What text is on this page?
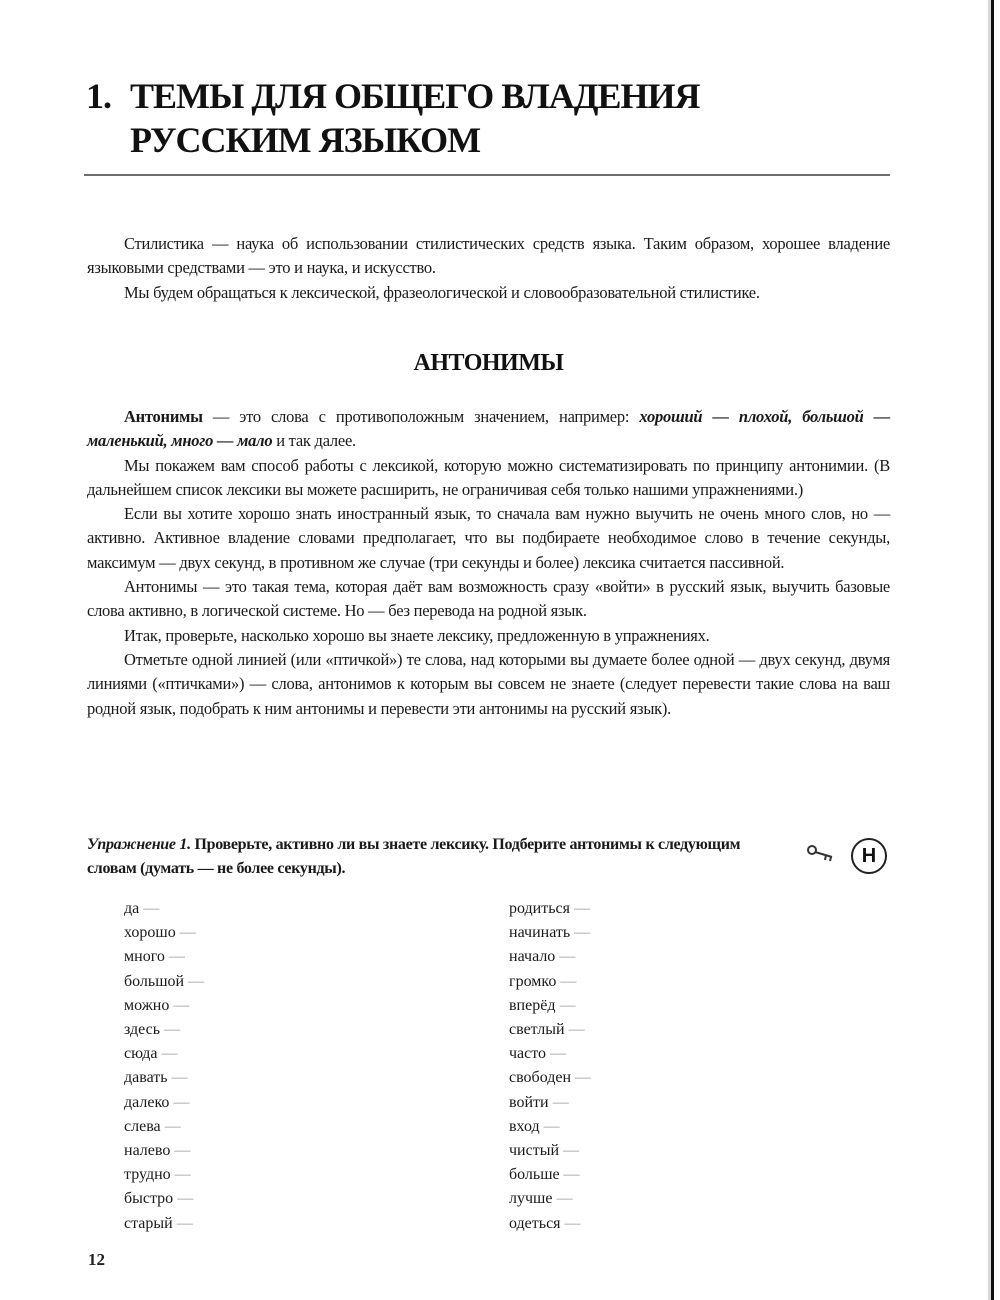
1. ТЕМЫ ДЛЯ ОБЩЕГО ВЛАДЕНИЯ
РУССКИМ ЯЗЫКОМ

Стилистика — наука об использовании стилистических средств языка. Таким образом, хорошее владение языковыми средствами — это и наука, и искусство.

Мы будем обращаться к лексической, фразеологической и словообразовательной стилистике.

АНТОНИМЫ

Антонимы — это слова с противоположным значением, например: хороший — плохой, большой — маленький, много — мало и так далее.

Мы покажем вам способ работы с лексикой, которую можно систематизировать по принципу антонимии. (В дальнейшем список лексики вы можете расширить, не ограничивая себя только нашими упражнениями.)

Если вы хотите хорошо знать иностранный язык, то сначала вам нужно выучить не очень много слов, но — активно. Активное владение словами предполагает, что вы подбираете необходимое слово в течение секунды, максимум — двух секунд, в противном же случае (три секунды и более) лексика считается пассивной.

Антонимы — это такая тема, которая даёт вам возможность сразу «войти» в русский язык, выучить базовые слова активно, в логической системе. Но — без перевода на родной язык.

Итак, проверьте, насколько хорошо вы знаете лексику, предложенную в упражнениях.

Отметьте одной линией (или «птичкой») те слова, над которыми вы думаете более одной — двух секунд, двумя линиями («птичками») — слова, антонимов к которым вы совсем не знаете (следует перевести такие слова на ваш родной язык, подобрать к ним антонимы и перевести эти антонимы на русский язык).

Упражнение 1. Проверьте, активно ли вы знаете лексику. Подберите антонимы к следующим словам (думать — не более секунды).
Н
да —
хорошо —
много —
большой —
можно —
здесь —
сюда —
давать —
далеко —
слева —
налево —
трудно —
быстро —
старый —
родиться —
начинать —
начало —
громко —
вперёд —
светлый —
часто —
свободен —
войти —
вход —
чистый —
больше —
лучше —
одеться —
12
